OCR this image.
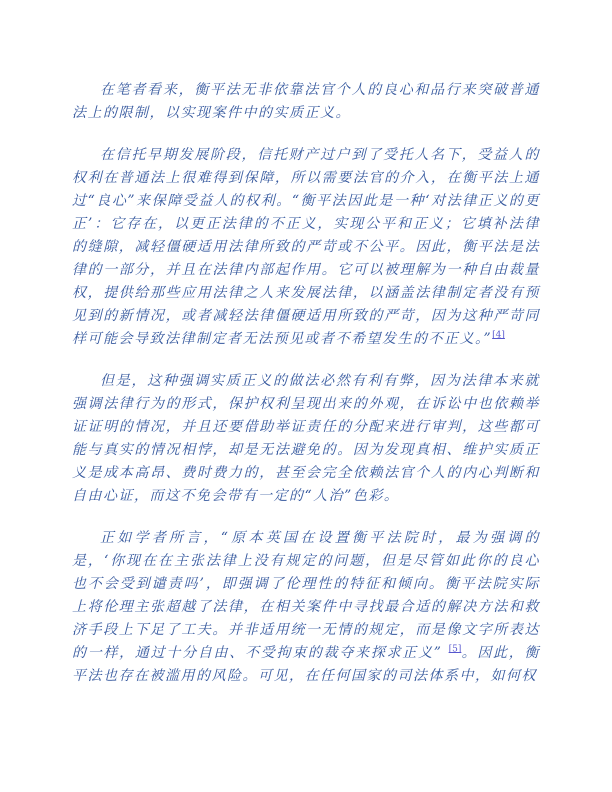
在笔者看来，衡平法无非依靠法官个人的良心和品行来突破普通法上的限制，以实现案件中的实质正义。

在信托早期发展阶段，信托财产过户到了受托人名下，受益人的权利在普通法上很难得到保障，所以需要法官的介入，在衡平法上通过“良心”来保障受益人的权利。“衡平法因此是一种‘对法律正义的更正’：它存在，以更正法律的不正义，实现公平和正义；它填补法律的缝隙，减轻僵硬适用法律所致的严苛或不公平。因此，衡平法是法律的一部分，并且在法律内部起作用。它可以被理解为一种自由裁量权，提供给那些应用法律之人来发展法律，以涵盖法律制定者没有预见到的新情况，或者减轻法律僵硬适用所致的严苛，因为这种严苛同样可能会导致法律制定者无法预见或者不希望发生的不正义。”[4]

但是，这种强调实质正义的做法必然有利有弊，因为法律本来就强调法律行为的形式，保护权利呈现出来的外观，在诉讼中也依赖举证证明的情况，并且还要借助举证责任的分配来进行审判，这些都可能与真实的情况相悖，却是无法避免的。因为发现真相、维护实质正义是成本高昂、费时费力的，甚至会完全依赖法官个人的内心判断和自由心证，而这不免会带有一定的“人治”色彩。

正如学者所言，“原本英国在设置衡平法院时，最为强调的是，‘你现在在主张法律上没有规定的问题，但是尽管如此你的良心也不会受到谴责吗’，即强调了伦理性的特征和倾向。衡平法院实际上将伦理主张超越了法律，在相关案件中寻找最合适的解决方法和救济手段上下足了工夫。并非适用统一无情的规定，而是像文字所表达的一样，通过十分自由、不受拘束的裁夺来探求正义” [5]。因此，衡平法也存在被滥用的风险。可见，在任何国家的司法体系中，如何权
